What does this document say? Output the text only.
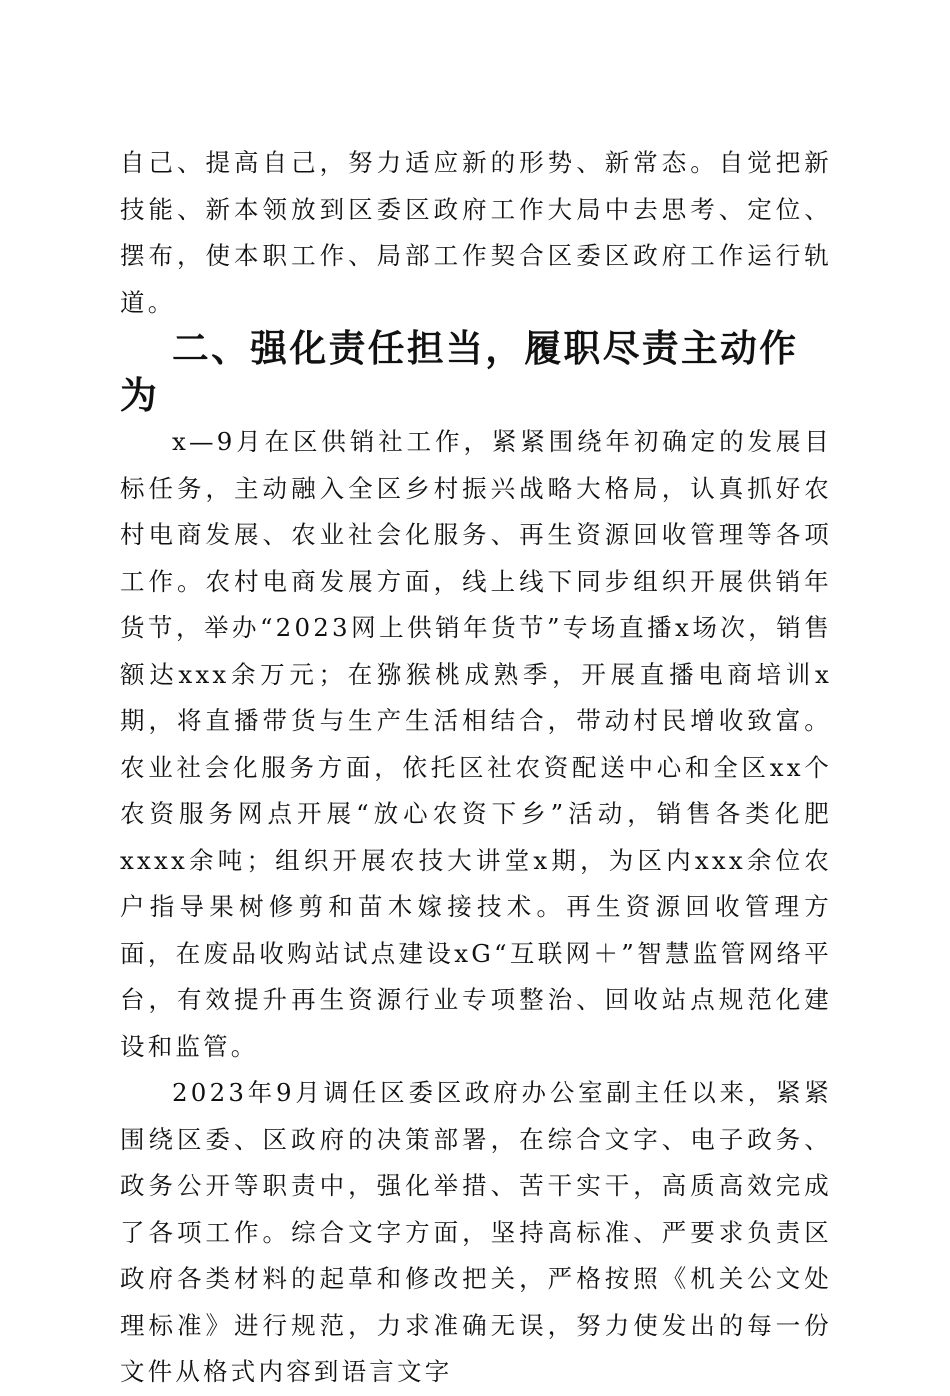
自己、提高自己，努力适应新的形势、新常态。自觉把新技能、新本领放到区委区政府工作大局中去思考、定位、摆布，使本职工作、局部工作契合区委区政府工作运行轨道。

二、强化责任担当，履职尽责主动作为

x—9月在区供销社工作，紧紧围绕年初确定的发展目标任务，主动融入全区乡村振兴战略大格局，认真抓好农村电商发展、农业社会化服务、再生资源回收管理等各项工作。农村电商发展方面，线上线下同步组织开展供销年货节，举办“2023网上供销年货节”专场直播x场次，销售额达xxx余万元；在猕猴桃成熟季，开展直播电商培训x期，将直播带货与生产生活相结合，带动村民增收致富。农业社会化服务方面，依托区社农资配送中心和全区xx个农资服务网点开展“放心农资下乡”活动，销售各类化肥xxxx余吨；组织开展农技大讲堂x期，为区内xxx余位农户指导果树修剪和苗木嫁接技术。再生资源回收管理方面，在废品收购站试点建设xG“互联网＋”智慧监管网络平台，有效提升再生资源行业专项整治、回收站点规范化建设和监管。

2023年9月调任区委区政府办公室副主任以来，紧紧围绕区委、区政府的决策部署，在综合文字、电子政务、政务公开等职责中，强化举措、苦干实干，高质高效完成了各项工作。综合文字方面，坚持高标准、严要求负责区政府各类材料的起草和修改把关，严格按照《机关公文处理标准》进行规范，力求准确无误，努力使发出的每一份文件从格式内容到语言文字
